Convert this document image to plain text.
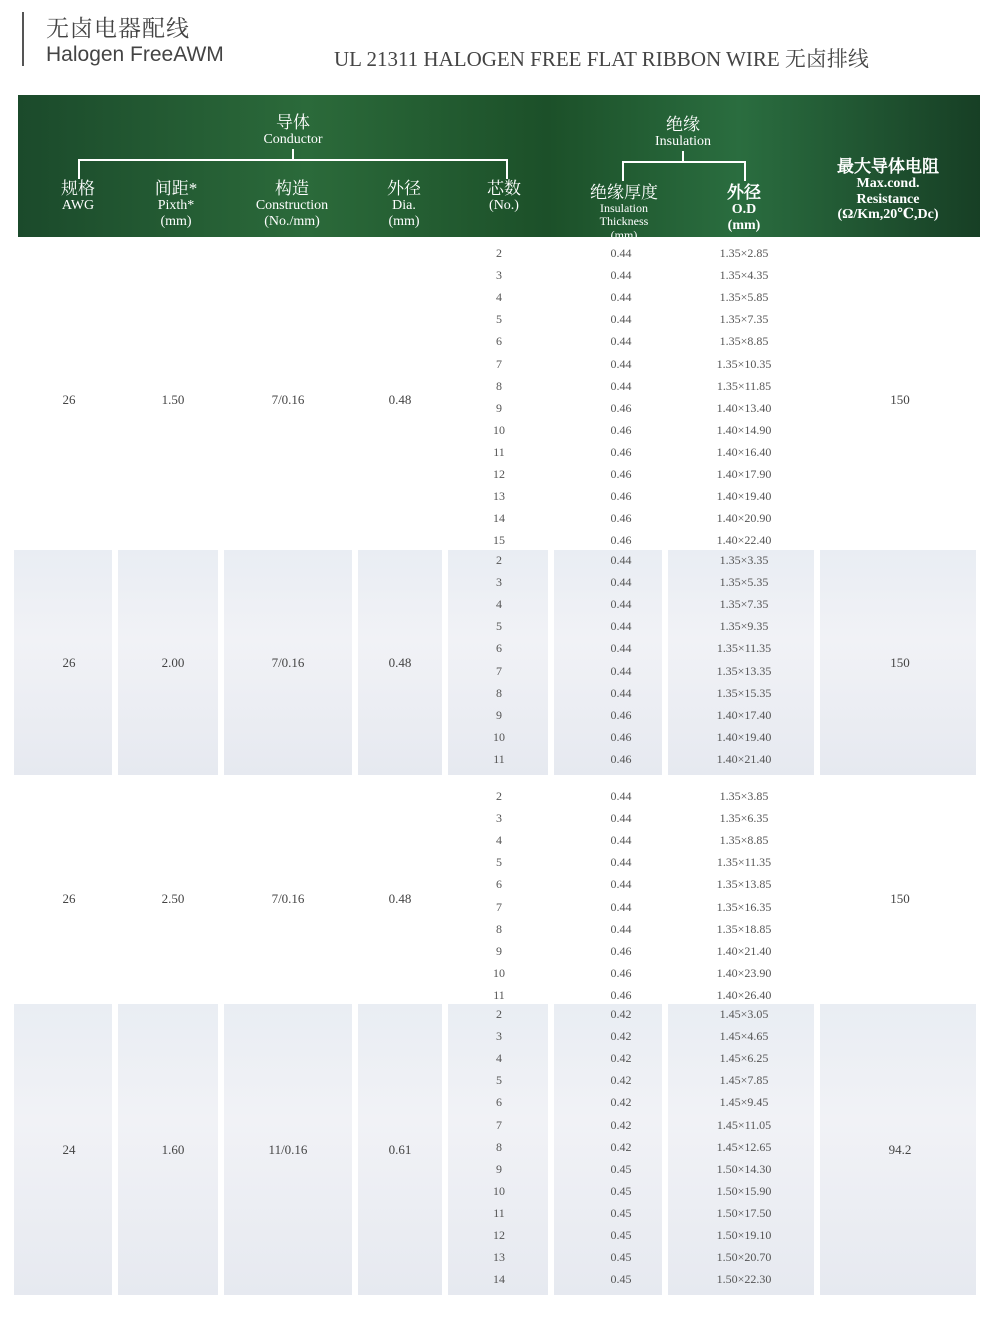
无卤电器配线
Halogen FreeAWM	UL 21311 HALOGEN FREE FLAT RIBBON WIRE 无卤排线
导体
Conductor
绝缘
Insulation
规格
AWG
间距*
Pixth*
(mm)
构造
Construction
(No./mm)
外径
Dia.
(mm)
芯数
(No.)
绝缘厚度
Insulation
Thickness
(mm)
外径
O.D
(mm)
最大导体电阻
Max.cond.
Resistance
(Ω/Km,20℃,Dc)
26	1.50	7/0.16	0.48	150
2	0.44	1.35×2.85
3	0.44	1.35×4.35
4	0.44	1.35×5.85
5	0.44	1.35×7.35
6	0.44	1.35×8.85
7	0.44	1.35×10.35
8	0.44	1.35×11.85
9	0.46	1.40×13.40
10	0.46	1.40×14.90
11	0.46	1.40×16.40
12	0.46	1.40×17.90
13	0.46	1.40×19.40
14	0.46	1.40×20.90
15	0.46	1.40×22.40
26	2.00	7/0.16	0.48	150
2	0.44	1.35×3.35
3	0.44	1.35×5.35
4	0.44	1.35×7.35
5	0.44	1.35×9.35
6	0.44	1.35×11.35
7	0.44	1.35×13.35
8	0.44	1.35×15.35
9	0.46	1.40×17.40
10	0.46	1.40×19.40
11	0.46	1.40×21.40
26	2.50	7/0.16	0.48	150
2	0.44	1.35×3.85
3	0.44	1.35×6.35
4	0.44	1.35×8.85
5	0.44	1.35×11.35
6	0.44	1.35×13.85
7	0.44	1.35×16.35
8	0.44	1.35×18.85
9	0.46	1.40×21.40
10	0.46	1.40×23.90
11	0.46	1.40×26.40
24	1.60	11/0.16	0.61	94.2
2	0.42	1.45×3.05
3	0.42	1.45×4.65
4	0.42	1.45×6.25
5	0.42	1.45×7.85
6	0.42	1.45×9.45
7	0.42	1.45×11.05
8	0.42	1.45×12.65
9	0.45	1.50×14.30
10	0.45	1.50×15.90
11	0.45	1.50×17.50
12	0.45	1.50×19.10
13	0.45	1.50×20.70
14	0.45	1.50×22.30
